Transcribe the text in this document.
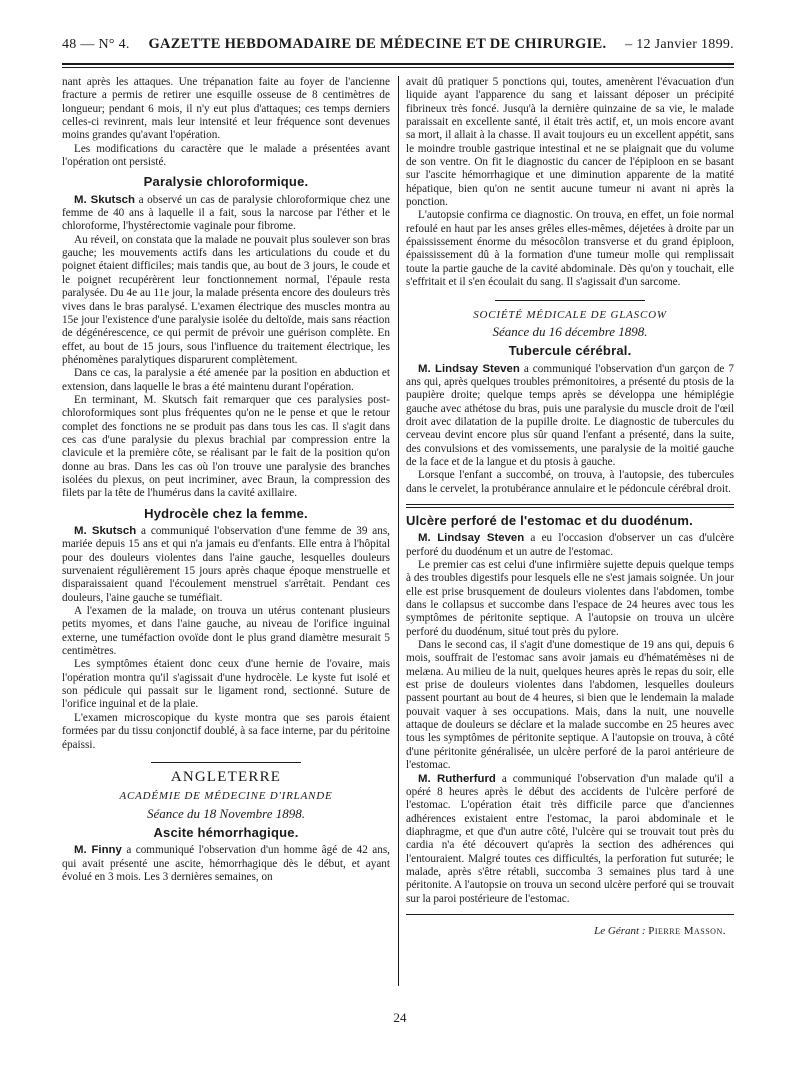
48 — N° 4. GAZETTE HEBDOMADAIRE DE MÉDECINE ET DE CHIRURGIE. – 12 Janvier 1899.

nant après les attaques. Une trépanation faite au foyer de l'ancienne fracture a permis de retirer une esquille osseuse de 8 centimètres de longueur; pendant 6 mois, il n'y eut plus d'attaques; ces temps derniers celles-ci revinrent, mais leur intensité et leur fréquence sont devenues moins grandes qu'avant l'opération.

Les modifications du caractère que le malade a présentées avant l'opération ont persisté.

Paralysie chloroformique.

M. Skutsch a observé un cas de paralysie chloroformique chez une femme de 40 ans à laquelle il a fait, sous la narcose par l'éther et le chloroforme, l'hystérectomie vaginale pour fibrome.

Au réveil, on constata que la malade ne pouvait plus soulever son bras gauche; les mouvements actifs dans les articulations du coude et du poignet étaient difficiles; mais tandis que, au bout de 3 jours, le coude et le poignet recupérèrent leur fonctionnement normal, l'épaule resta paralysée. Du 4e au 11e jour, la malade présenta encore des douleurs très vives dans le bras paralysé. L'examen électrique des muscles montra au 15e jour l'existence d'une paralysie isolée du deltoïde, mais sans réaction de dégénérescence, ce qui permit de prévoir une guérison complète. En effet, au bout de 15 jours, sous l'influence du traitement électrique, les phénomènes paralytiques disparurent complètement.

Dans ce cas, la paralysie a été amenée par la position en abduction et extension, dans laquelle le bras a été maintenu durant l'opération.

En terminant, M. Skutsch fait remarquer que ces paralysies post-chloroformiques sont plus fréquentes qu'on ne le pense et que le retour complet des fonctions ne se produit pas dans tous les cas. Il s'agit dans ces cas d'une paralysie du plexus brachial par compression entre la clavicule et la première côte, se réalisant par le fait de la position qu'on donne au bras. Dans les cas où l'on trouve une paralysie des branches isolées du plexus, on peut incriminer, avec Braun, la compression des filets par la tête de l'humérus dans la cavité axillaire.

Hydrocèle chez la femme.

M. Skutsch a communiqué l'observation d'une femme de 39 ans, mariée depuis 15 ans et qui n'a jamais eu d'enfants. Elle entra à l'hôpital pour des douleurs violentes dans l'aine gauche, lesquelles douleurs survenaient régulièrement 15 jours après chaque époque menstruelle et disparaissaient quand l'écoulement menstruel s'arrêtait. Pendant ces douleurs, l'aine gauche se tuméfiait.

A l'examen de la malade, on trouva un utérus contenant plusieurs petits myomes, et dans l'aine gauche, au niveau de l'orifice inguinal externe, une tuméfaction ovoïde dont le plus grand diamètre mesurait 5 centimètres.

Les symptômes étaient donc ceux d'une hernie de l'ovaire, mais l'opération montra qu'il s'agissait d'une hydrocèle. Le kyste fut isolé et son pédicule qui passait sur le ligament rond, sectionné. Suture de l'orifice inguinal et de la plaie.

L'examen microscopique du kyste montra que ses parois étaient formées par du tissu conjonctif doublé, à sa face interne, par du péritoine épaissi.

ANGLETERRE
ACADÉMIE DE MÉDECINE D'IRLANDE
Séance du 18 Novembre 1898.
Ascite hémorrhagique.

M. Finny a communiqué l'observation d'un homme âgé de 42 ans, qui avait présenté une ascite, hémorrhagique dès le début, et ayant évolué en 3 mois. Les 3 dernières semaines, on

avait dû pratiquer 5 ponctions qui, toutes, amenèrent l'évacuation d'un liquide ayant l'apparence du sang et laissant déposer un précipité fibrineux très foncé. Jusqu'à la dernière quinzaine de sa vie, le malade paraissait en excellente santé, il était très actif, et, un mois encore avant sa mort, il allait à la chasse. Il avait toujours eu un excellent appétit, sans le moindre trouble gastrique intestinal et ne se plaignait que du volume de son ventre. On fit le diagnostic du cancer de l'épiploon en se basant sur l'ascite hémorrhagique et une diminution apparente de la matité hépatique, bien qu'on ne sentit aucune tumeur ni avant ni après la ponction.

L'autopsie confirma ce diagnostic. On trouva, en effet, un foie normal refoulé en haut par les anses grêles elles-mêmes, déjetées à droite par un épaississement énorme du mésocôlon transverse et du grand épiploon, épaississement dû à la formation d'une tumeur molle qui remplissait toute la partie gauche de la cavité abdominale. Dès qu'on y touchait, elle s'effritait et il s'en écoulait du sang. Il s'agissait d'un sarcome.

SOCIÉTÉ MÉDICALE DE GLASCOW
Séance du 16 décembre 1898.
Tubercule cérébral.

M. Lindsay Steven a communiqué l'observation d'un garçon de 7 ans qui, après quelques troubles prémonitoires, a présenté du ptosis de la paupière droite; quelque temps après se développa une hémiplégie gauche avec athétose du bras, puis une paralysie du muscle droit de l'œil droit avec dilatation de la pupille droite. Le diagnostic de tubercules du cerveau devint encore plus sûr quand l'enfant a présenté, dans la suite, des convulsions et des vomissements, une paralysie de la moitié gauche de la face et de la langue et du ptosis à gauche.

Lorsque l'enfant a succombé, on trouva, à l'autopsie, des tubercules dans le cervelet, la protubérance annulaire et le pédoncule cérébral droit.

Ulcère perforé de l'estomac et du duodénum.

M. Lindsay Steven a eu l'occasion d'observer un cas d'ulcère perforé du duodénum et un autre de l'estomac.

Le premier cas est celui d'une infirmière sujette depuis quelque temps à des troubles digestifs pour lesquels elle ne s'est jamais soignée. Un jour elle est prise brusquement de douleurs violentes dans l'abdomen, tombe dans le collapsus et succombe dans l'espace de 24 heures avec tous les symptômes de péritonite septique. A l'autopsie on trouva un ulcère perforé du duodénum, situé tout près du pylore.

Dans le second cas, il s'agit d'une domestique de 19 ans qui, depuis 6 mois, souffrait de l'estomac sans avoir jamais eu d'hématémèses ni de melæna. Au milieu de la nuit, quelques heures après le repas du soir, elle est prise de douleurs violentes dans l'abdomen, lesquelles douleurs passent pourtant au bout de 4 heures, si bien que le lendemain la malade pouvait vaquer à ses occupations. Mais, dans la nuit, une nouvelle attaque de douleurs se déclare et la malade succombe en 25 heures avec tous les symptômes de péritonite septique. A l'autopsie on trouva, à côté d'une péritonite généralisée, un ulcère perforé de la paroi antérieure de l'estomac.

M. Rutherfurd a communiqué l'observation d'un malade qu'il a opéré 8 heures après le début des accidents de l'ulcère perforé de l'estomac. L'opération était très difficile parce que d'anciennes adhérences existaient entre l'estomac, la paroi abdominale et le diaphragme, et que d'un autre côté, l'ulcère qui se trouvait tout près du cardia n'a été découvert qu'après la section des adhérences qui l'entouraient. Malgré toutes ces difficultés, la perforation fut suturée; le malade, après s'être rétabli, succomba 3 semaines plus tard à une péritonite. A l'autopsie on trouva un second ulcère perforé qui se trouvait sur la paroi postérieure de l'estomac.

Le Gérant : Pierre Masson.
24
